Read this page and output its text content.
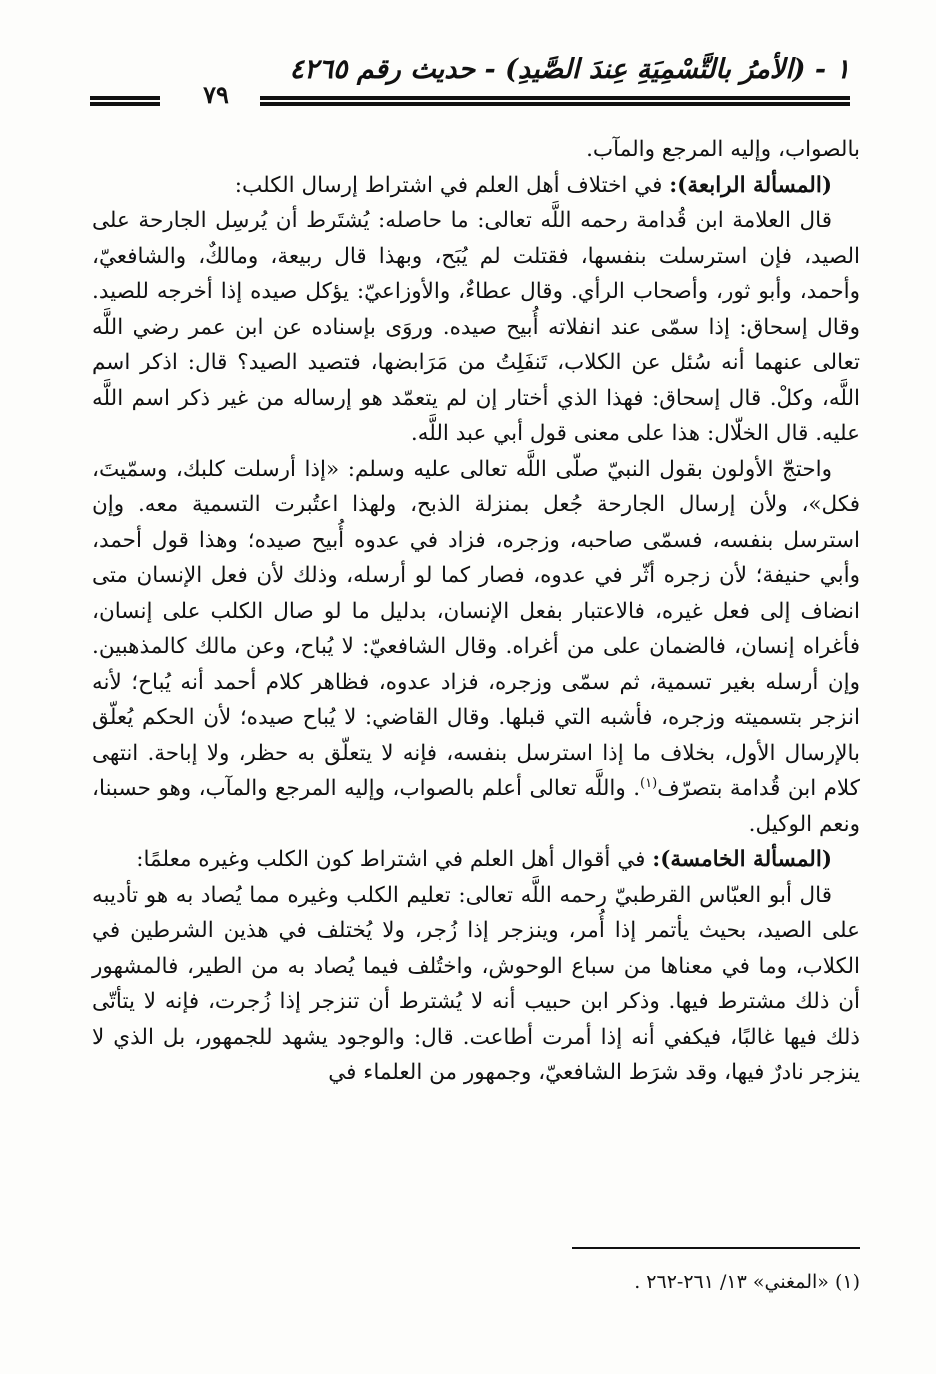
١ - (الأمرُ بالتَّسْمِيَةِ عِندَ الصَّيدِ) - حديث رقم ٤٢٦٥
٧٩

بالصواب، وإليه المرجع والمآب.

(المسألة الرابعة): في اختلاف أهل العلم في اشتراط إرسال الكلب:

قال العلامة ابن قُدامة رحمه اللَّه تعالى: ما حاصله: يُشتَرط أن يُرسِل الجارحة على الصيد، فإن استرسلت بنفسها، فقتلت لم يُبَح، وبهذا قال ربيعة، ومالكٌ، والشافعيّ، وأحمد، وأبو ثور، وأصحاب الرأي. وقال عطاءٌ، والأوزاعيّ: يؤكل صيده إذا أخرجه للصيد. وقال إسحاق: إذا سمّى عند انفلاته أُبيح صيده. وروَى بإسناده عن ابن عمر رضي اللَّه تعالى عنهما أنه سُئل عن الكلاب، تَنفَلِتُ من مَرَابضها، فتصيد الصيد؟ قال: اذكر اسم اللَّه، وكلْ. قال إسحاق: فهذا الذي أختار إن لم يتعمّد هو إرساله من غير ذكر اسم اللَّه عليه. قال الخلّال: هذا على معنى قول أبي عبد اللَّه.

واحتجّ الأولون بقول النبيّ صلّى اللَّه تعالى عليه وسلم: «إذا أرسلت كلبك، وسمّيتَ، فكل»، ولأن إرسال الجارحة جُعل بمنزلة الذبح، ولهذا اعتُبرت التسمية معه. وإن استرسل بنفسه، فسمّى صاحبه، وزجره، فزاد في عدوه أُبيح صيده؛ وهذا قول أحمد، وأبي حنيفة؛ لأن زجره أثّر في عدوه، فصار كما لو أرسله، وذلك لأن فعل الإنسان متى انضاف إلى فعل غيره، فالاعتبار بفعل الإنسان، بدليل ما لو صال الكلب على إنسان، فأغراه إنسان، فالضمان على من أغراه. وقال الشافعيّ: لا يُباح، وعن مالك كالمذهبين. وإن أرسله بغير تسمية، ثم سمّى وزجره، فزاد عدوه، فظاهر كلام أحمد أنه يُباح؛ لأنه انزجر بتسميته وزجره، فأشبه التي قبلها. وقال القاضي: لا يُباح صيده؛ لأن الحكم يُعلّق بالإرسال الأول، بخلاف ما إذا استرسل بنفسه، فإنه لا يتعلّق به حظر، ولا إباحة. انتهى كلام ابن قُدامة بتصرّف$^{(١)}$. واللَّه تعالى أعلم بالصواب، وإليه المرجع والمآب، وهو حسبنا، ونعم الوكيل.

(المسألة الخامسة): في أقوال أهل العلم في اشتراط كون الكلب وغيره معلمًا:

قال أبو العبّاس القرطبيّ رحمه اللَّه تعالى: تعليم الكلب وغيره مما يُصاد به هو تأديبه على الصيد، بحيث يأتمر إذا أُمر، وينزجر إذا زُجر، ولا يُختلف في هذين الشرطين في الكلاب، وما في معناها من سباع الوحوش، واختُلف فيما يُصاد به من الطير، فالمشهور أن ذلك مشترط فيها. وذكر ابن حبيب أنه لا يُشترط أن تنزجر إذا زُجرت، فإنه لا يتأتّى ذلك فيها غالبًا، فيكفي أنه إذا أمرت أطاعت. قال: والوجود يشهد للجمهور، بل الذي لا ينزجر نادرٌ فيها، وقد شرَط الشافعيّ، وجمهور من العلماء في

(١) «المغني» ١٣/ ٢٦١-٢٦٢ .
